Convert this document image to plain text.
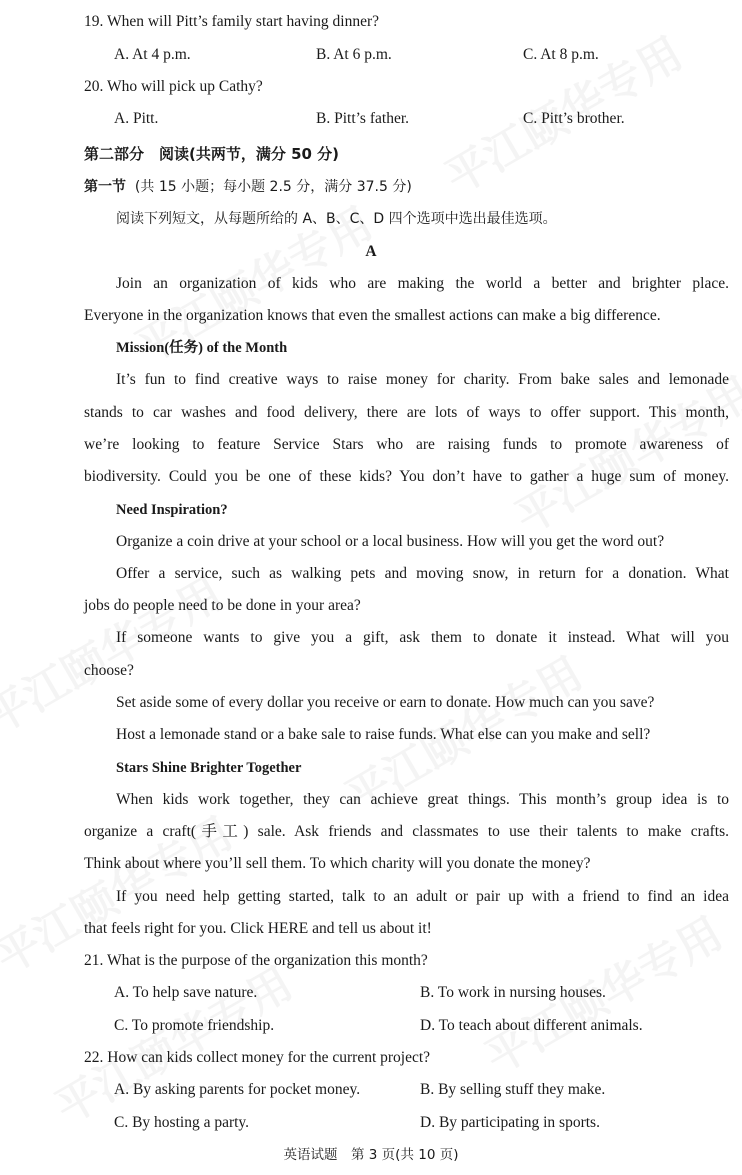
19. When will Pitt’s family start having dinner?
A. At 4 p.m.	B. At 6 p.m.	C. At 8 p.m.
20. Who will pick up Cathy?
A. Pitt.	B. Pitt’s father.	C. Pitt’s brother.
第二部分　阅读(共两节，满分 50 分)
第一节 (共 15 小题；每小题 2.5 分，满分 37.5 分)
阅读下列短文，从每题所给的 A、B、C、D 四个选项中选出最佳选项。
A
Join an organization of kids who are making the world a better and brighter place.
Everyone in the organization knows that even the smallest actions can make a big difference.
Mission(任务) of the Month
It’s fun to find creative ways to raise money for charity. From bake sales and lemonade
stands to car washes and food delivery, there are lots of ways to offer support. This month,
we’re looking to feature Service Stars who are raising funds to promote awareness of
biodiversity. Could you be one of these kids? You don’t have to gather a huge sum of money.
Need Inspiration?
Organize a coin drive at your school or a local business. How will you get the word out?
Offer a service, such as walking pets and moving snow, in return for a donation. What
jobs do people need to be done in your area?
If someone wants to give you a gift, ask them to donate it instead. What will you
choose?
Set aside some of every dollar you receive or earn to donate. How much can you save?
Host a lemonade stand or a bake sale to raise funds. What else can you make and sell?
Stars Shine Brighter Together
When kids work together, they can achieve great things. This month’s group idea is to
organize a craft(手工) sale. Ask friends and classmates to use their talents to make crafts.
Think about where you’ll sell them. To which charity will you donate the money?
If you need help getting started, talk to an adult or pair up with a friend to find an idea
that feels right for you. Click HERE and tell us about it!
21. What is the purpose of the organization this month?
A. To help save nature.	B. To work in nursing houses.
C. To promote friendship.	D. To teach about different animals.
22. How can kids collect money for the current project?
A. By asking parents for pocket money.	B. By selling stuff they make.
C. By hosting a party.	D. By participating in sports.
英语试题　第 3 页(共 10 页)
